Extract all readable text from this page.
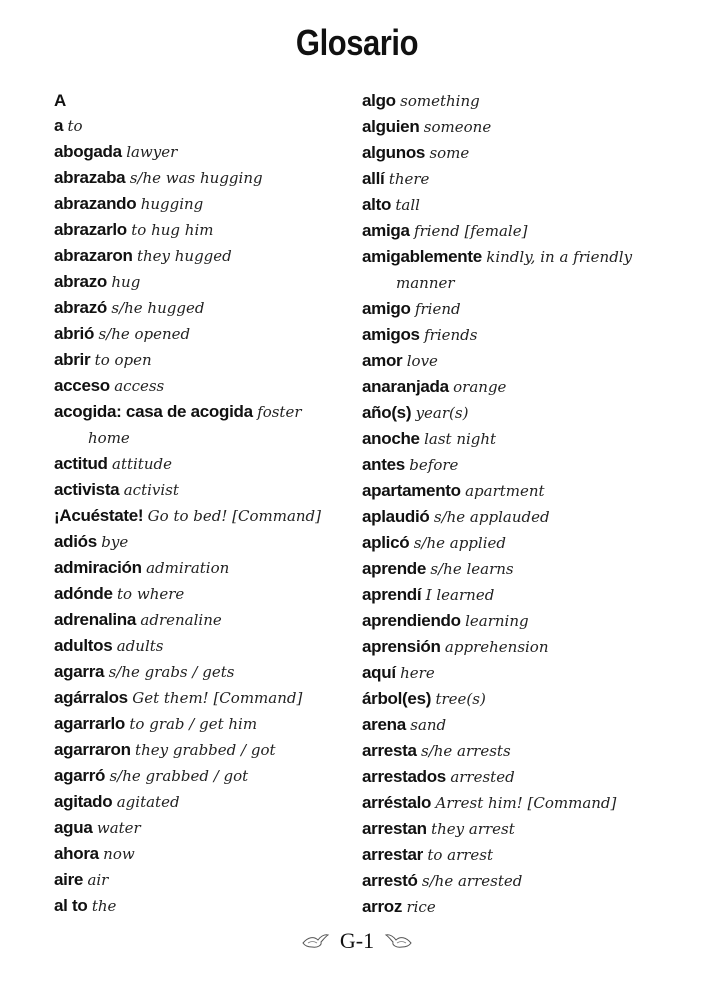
Glosario
A
a to
abogada lawyer
abrazaba s/he was hugging
abrazando hugging
abrazarlo to hug him
abrazaron they hugged
abrazo hug
abrazó s/he hugged
abrió s/he opened
abrir to open
acceso access
acogida: casa de acogida foster
home
actitud attitude
activista activist
¡Acuéstate! Go to bed! [Command]
adiós bye
admiración admiration
adónde to where
adrenalina adrenaline
adultos adults
agarra s/he grabs / gets
agárralos Get them! [Command]
agarrarlo to grab / get him
agarraron they grabbed / got
agarró s/he grabbed / got
agitado agitated
agua water
ahora now
aire air
al to the
algo something
alguien someone
algunos some
allí there
alto tall
amiga friend [female]
amigablemente kindly, in a friendly
manner
amigo friend
amigos friends
amor love
anaranjada orange
año(s) year(s)
anoche last night
antes before
apartamento apartment
aplaudió s/he applauded
aplicó s/he applied
aprende s/he learns
aprendí I learned
aprendiendo learning
aprensión apprehension
aquí here
árbol(es) tree(s)
arena sand
arresta s/he arrests
arrestados arrested
arréstalo Arrest him! [Command]
arrestan they arrest
arrestar to arrest
arrestó s/he arrested
arroz rice
G-1
